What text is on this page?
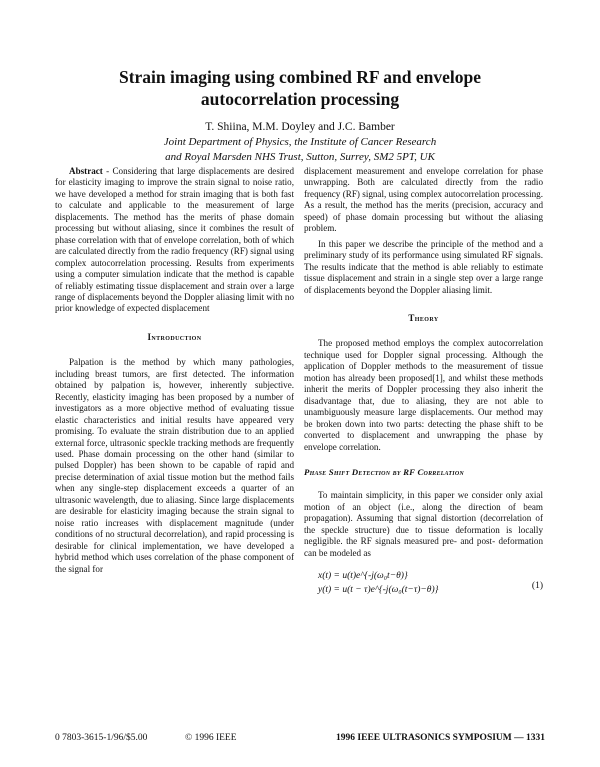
Strain imaging using combined RF and envelope
autocorrelation processing
T. Shiina, M.M. Doyley and J.C. Bamber
Joint Department of Physics, the Institute of Cancer Research
and Royal Marsden NHS Trust, Sutton, Surrey, SM2 5PT, UK

Abstract - Considering that large displacements are desired for elasticity imaging to improve the strain signal to noise ratio, we have developed a method for strain imaging that is both fast to calculate and applicable to the measurement of large displacements. The method has the merits of phase domain processing but without aliasing, since it combines the result of phase correlation with that of envelope correlation, both of which are calculated directly from the radio frequency (RF) signal using complex autocorrelation processing. Results from experiments using a computer simulation indicate that the method is capable of reliably estimating tissue displacement and strain over a large range of displacements beyond the Doppler aliasing limit with no prior knowledge of expected displacement

Introduction

Palpation is the method by which many pathologies, including breast tumors, are first detected. The information obtained by palpation is, however, inherently subjective. Recently, elasticity imaging has been proposed by a number of investigators as a more objective method of evaluating tissue elastic characteristics and initial results have appeared very promising. To evaluate the strain distribution due to an applied external force, ultrasonic speckle tracking methods are frequently used. Phase domain processing on the other hand (similar to pulsed Doppler) has been shown to be capable of rapid and precise determination of axial tissue motion but the method fails when any single-step displacement exceeds a quarter of an ultrasonic wavelength, due to aliasing. Since large displacements are desirable for elasticity imaging because the strain signal to noise ratio increases with displacement magnitude (under conditions of no structural decorrelation), and rapid processing is desirable for clinical implementation, we have developed a hybrid method which uses correlation of the phase component of the signal for

displacement measurement and envelope correlation for phase unwrapping. Both are calculated directly from the radio frequency (RF) signal, using complex autocorrelation processing. As a result, the method has the merits (precision, accuracy and speed) of phase domain processing but without the aliasing problem.

In this paper we describe the principle of the method and a preliminary study of its performance using simulated RF signals. The results indicate that the method is able reliably to estimate tissue displacement and strain in a single step over a large range of displacements beyond the Doppler aliasing limit.

Theory

The proposed method employs the complex autocorrelation technique used for Doppler signal processing. Although the application of Doppler methods to the measurement of tissue motion has already been proposed[1], and whilst these methods inherit the merits of Doppler processing they also inherit the disadvantage that, due to aliasing, they are not able to unambiguously measure large displacements. Our method may be broken down into two parts: detecting the phase shift to be converted to displacement and unwrapping the phase by envelope correlation.

Phase Shift Detection by RF Correlation

To maintain simplicity, in this paper we consider only axial motion of an object (i.e., along the direction of beam propagation). Assuming that signal distortion (decorrelation of the speckle structure) due to tissue deformation is locally negligible. the RF signals measured pre- and post- deformation can be modeled as

x(t) = u(t)e^{-j(ω₀t−θ)}
y(t) = u(t − τ)e^{-j(ω₀(t−τ)−θ)}	(1)
0 7803-3615-1/96/$5.00	© 1996 IEEE	1996 IEEE ULTRASONICS SYMPOSIUM — 1331
